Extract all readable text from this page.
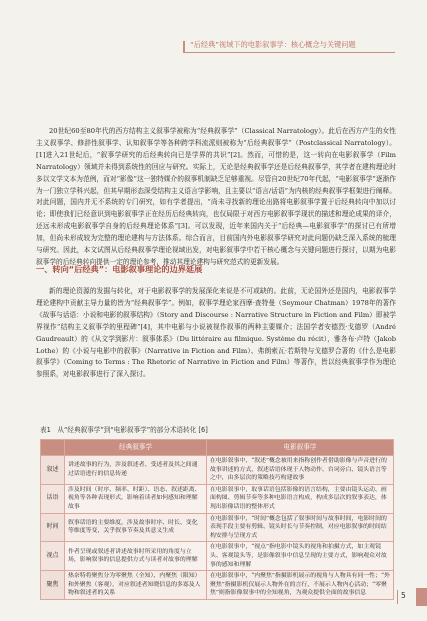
“后经典”视域下的电影叙事学：核心概念与关键问题

20世纪60至80年代的西方结构主义叙事学被称为“经典叙事学”（Classical Narratology）。此后在西方产生的女性主义叙事学、修辞性叙事学、认知叙事学等各种跨学科流派则被称为“后经典叙事学”（Postclassical Narratology）。[1]进入21世纪后，“叙事学研究的后经典转向已是学界的共识”[2]。然而，可惜的是，这一转向在电影叙事学（Film Narratology）领域并未得到系统性的回应与研究。实际上，无论是经典叙事学还是后经典叙事学，其学者在建构理论时多以文学文本为范例，而对“影像”这一独特媒介的叙事机制缺乏足够重视。尽管自20世纪70年代起，“电影叙事学”逐渐作为一门独立学科兴起，但其早期形态深受结构主义语言学影响，且主要以“语言/话语”为内核的经典叙事学框架进行阐释。对此问题，国内并无不系统的专门研究，如有学者提出，“尚未寻找新的理论出路将电影叙事学置于后经典转向中加以讨论；即使我们已经意识到电影叙事学正在经历后经典转向，也仅局限于对西方电影叙事学现状的描述和理论成果的译介，还远未形成电影叙事学自身的后经典理论体系”[3]。可以发现，近年来国内关于“后经典—电影叙事学”的探讨已有所增加，但尚未形成较为完整的理论建构与方法体系。综合而言，目前国内外电影叙事学研究对此问题仍缺乏深入系统的梳理与研究。因此，本文试图从后经典叙事学理论视域出发，对电影叙事学中若干核心概念与关键问题进行探讨，以期为电影叙事学的后经典转向提供一定的理论参考，推动其理论建构与研究范式的更新发展。

一、转向“后经典”：电影叙事理论的边界延展

新的理论资源的发掘与转化，对于电影叙事学的发展深化来说是不可或缺的。此前，无论国外还是国内，电影叙事学理论建构中贡献主导力量的皆为“经典叙事学”。例如，叙事学理论家西摩·查特曼（Seymour Chatman）1978年的著作《故事与话语：小说和电影的叙事结构》（Story and Discourse : Narrative Structure in Fiction and Film）即被学界视作“结构主义叙事学的里程碑”[4]，其中电影与小说被视作叙事的两种主要媒介；法国学者安德烈·戈德罗（André Gaudreault）的《从文学到影片：叙事体系》（Du littéraire au filmique. Système du récit），雅各布·卢特（Jakob Lothe）的《小说与电影中的叙事》（Narrative in Fiction and Film）、弗朗索瓦·若斯特与戈德罗合著的《什么是电影叙事学》（Coming to Terms : The Rhetoric of Narrative in Fiction and Film）等著作，皆以经典叙事学作为理论参照系，对电影叙事进行了深入探讨。

表1　从“经典叙事学”到“电影叙事学”的部分术语转化 [6]
	经典叙事学	电影叙事学
叙述	讲述故事的行为，涉及叙述者、受述者及其之间通过话语进行的信息传递	在电影叙事中，“叙述”概念被用来指称创作者借助影像与声音进行的故事讲述的方式，叙述话语体现于人物动作、台词旁白、镜头语言等之中，由多层次的策略技巧构建故事
话语	涉及时间（时序、频率、时距）、语态、叙述距离、视角等各种表现形式，影响着读者如何感知和理解故事	在电影叙事中，取事话语包括影像的语言结构，主要由镜头运动、画面构图、剪辑节奏等多种电影语言构成，构成多层次的叙事表达，体现出影像话语的整体形式
时间	叙事话语的主要维度，涉及故事时序、时长、变化等维度等变，关乎叙事节奏及其意义生成	在电影叙事中，“时间”概念包括了叙事时间与故事时间，电影时间的表现手段主要有剪辑、镜头时长与节奏控制，对应电影叙事的时间结构安排与呈现方式
视点	作者呈现或叙述者讲述故事时所采用的角度与立场，影响叙事的信息提供方式与读者对故事的理解	在电影叙事中，“视点”指电影中镜头的视角和拍摄方式，如主观镜头、客观镜头等，是影像叙事中信息呈现的主要方式，影响观众对故事的感知和理解
聚焦	热奈特将聚焦分为零聚焦（全知）、内聚焦（限知）和外聚焦（客观），对应叙述者知晓信息的多寡及人物和叙述者的关系	在电影叙事中，“内聚焦”指摄影机展示的视角与人物具有同一性；“外聚焦”指摄影机仅展示人物外在的言行，不展示人物内心活动；“零聚焦”则指影像叙事中的全知视角，为观众提供全面的故事信息	5
